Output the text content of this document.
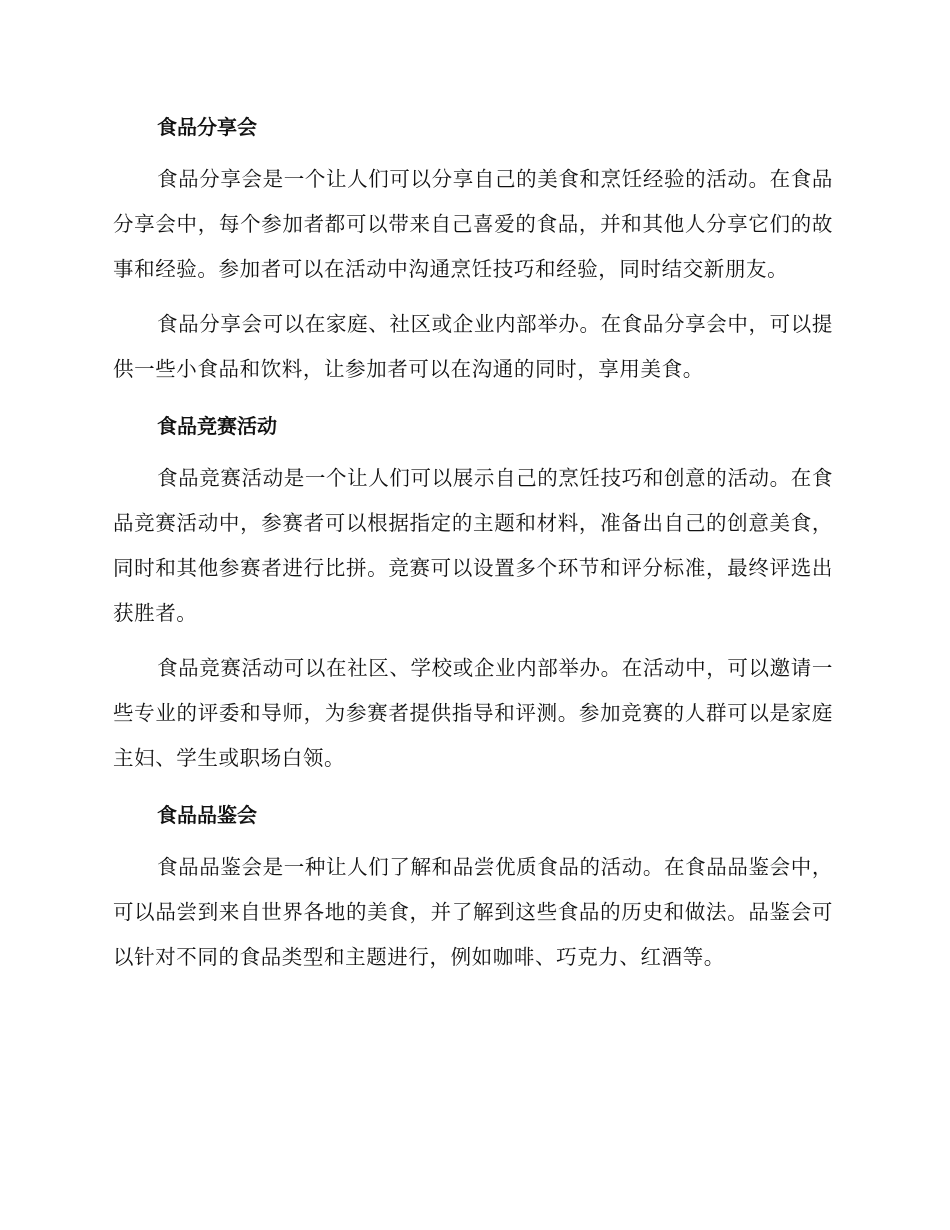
食品分享会

食品分享会是一个让人们可以分享自己的美食和烹饪经验的活动。在食品分享会中，每个参加者都可以带来自己喜爱的食品，并和其他人分享它们的故事和经验。参加者可以在活动中沟通烹饪技巧和经验，同时结交新朋友。

食品分享会可以在家庭、社区或企业内部举办。在食品分享会中，可以提供一些小食品和饮料，让参加者可以在沟通的同时，享用美食。

食品竞赛活动

食品竞赛活动是一个让人们可以展示自己的烹饪技巧和创意的活动。在食品竞赛活动中，参赛者可以根据指定的主题和材料，准备出自己的创意美食，同时和其他参赛者进行比拼。竞赛可以设置多个环节和评分标准，最终评选出获胜者。

食品竞赛活动可以在社区、学校或企业内部举办。在活动中，可以邀请一些专业的评委和导师，为参赛者提供指导和评测。参加竞赛的人群可以是家庭主妇、学生或职场白领。

食品品鉴会

食品品鉴会是一种让人们了解和品尝优质食品的活动。在食品品鉴会中，可以品尝到来自世界各地的美食，并了解到这些食品的历史和做法。品鉴会可以针对不同的食品类型和主题进行，例如咖啡、巧克力、红酒等。
